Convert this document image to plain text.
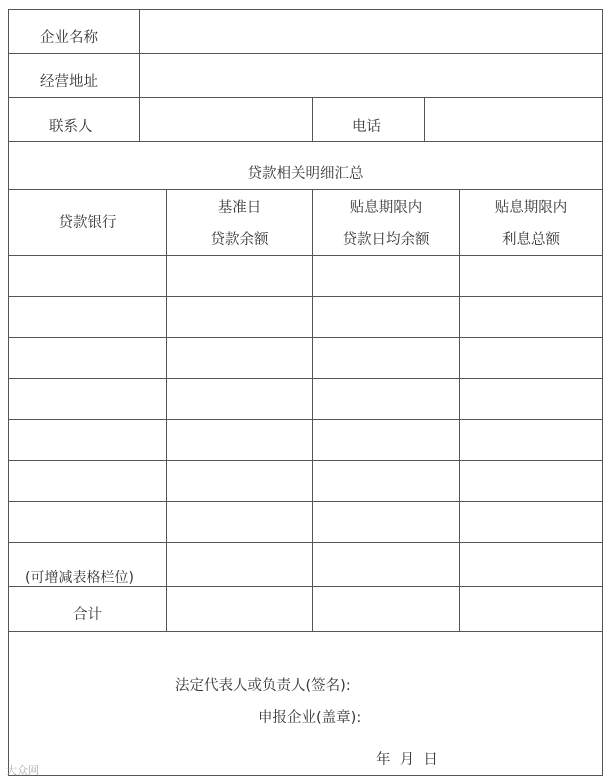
企业名称
经营地址
联系人	电话
贷款相关明细汇总
贷款银行
基准日
贷款余额
贴息期限内
贷款日均余额
贴息期限内
利息总额
(可增减表格栏位)
合计
法定代表人或负责人(签名):
申报企业(盖章):
年  月  日
大众网
